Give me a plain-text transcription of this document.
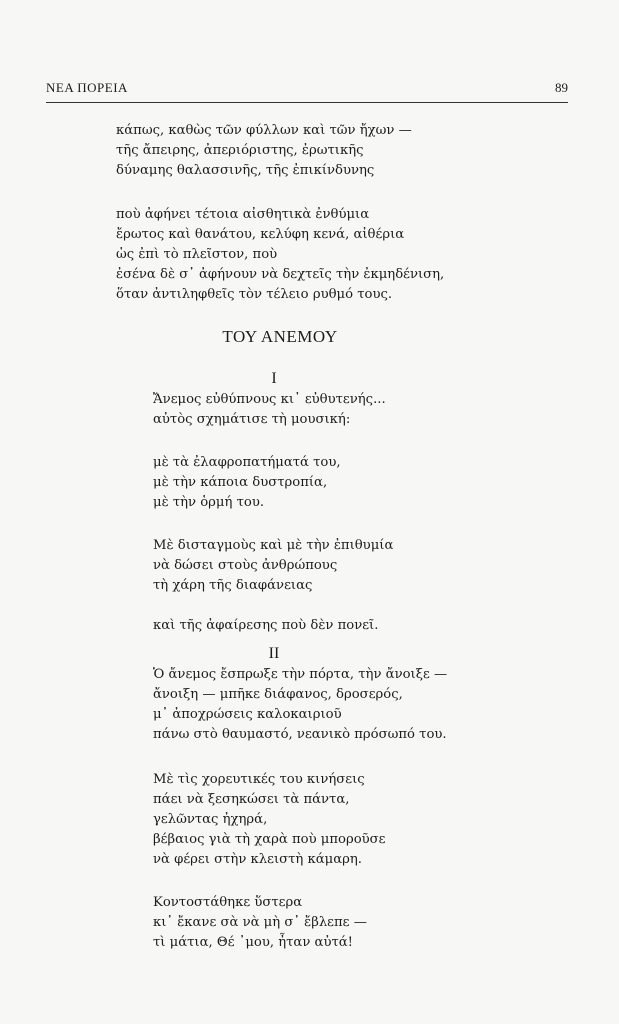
ΝΕΑ ΠΟΡΕΙΑ	89
κάπως, καθὼς τῶν φύλλων καὶ τῶν ἤχων —
τῆς ἄπειρης, ἀπεριόριστης, ἐρωτικῆς
δύναμης θαλασσινῆς, τῆς ἐπικίνδυνης
ποὺ ἀφήνει τέτοια αἰσθητικὰ ἐνθύμια
ἔρωτος καὶ θανάτου, κελύφη κενά, αἰθέρια
ὡς ἐπὶ τὸ πλεῖστον, ποὺ
ἐσένα δὲ σ᾽ ἀφήνουν νὰ δεχτεῖς τὴν ἐκμηδένιση,
ὅταν ἀντιληφθεῖς τὸν τέλειο ρυθμό τους.
ΤΟΥ ΑΝΕΜΟΥ
I
Ἄνεμος εὐθύπνους κι᾽ εὐθυτενής...
αὐτὸς σχημάτισε τὴ μουσική:
μὲ τὰ ἐλαφροπατήματά του,
μὲ τὴν κάποια δυστροπία,
μὲ τὴν ὁρμή του.
Μὲ δισταγμοὺς καὶ μὲ τὴν ἐπιθυμία
νὰ δώσει στοὺς ἀνθρώπους
τὴ χάρη τῆς διαφάνειας
καὶ τῆς ἀφαίρεσης ποὺ δὲν πονεῖ.
II
Ὁ ἄνεμος ἔσπρωξε τὴν πόρτα, τὴν ἄνοιξε —
ἄνοιξη — μπῆκε διάφανος, δροσερός,
μ᾽ ἀποχρώσεις καλοκαιριοῦ
πάνω στὸ θαυμαστό, νεανικὸ πρόσωπό του.
Μὲ τὶς χορευτικές του κινήσεις
πάει νὰ ξεσηκώσει τὰ πάντα,
γελῶντας ἠχηρά,
βέβαιος γιὰ τὴ χαρὰ ποὺ μποροῦσε
νὰ φέρει στὴν κλειστὴ κάμαρη.
Κοντοστάθηκε ὕστερα
κι᾽ ἔκανε σὰ νὰ μὴ σ᾽ ἔβλεπε —
τὶ μάτια, Θέ ᾽μου, ἦταν αὐτά!
